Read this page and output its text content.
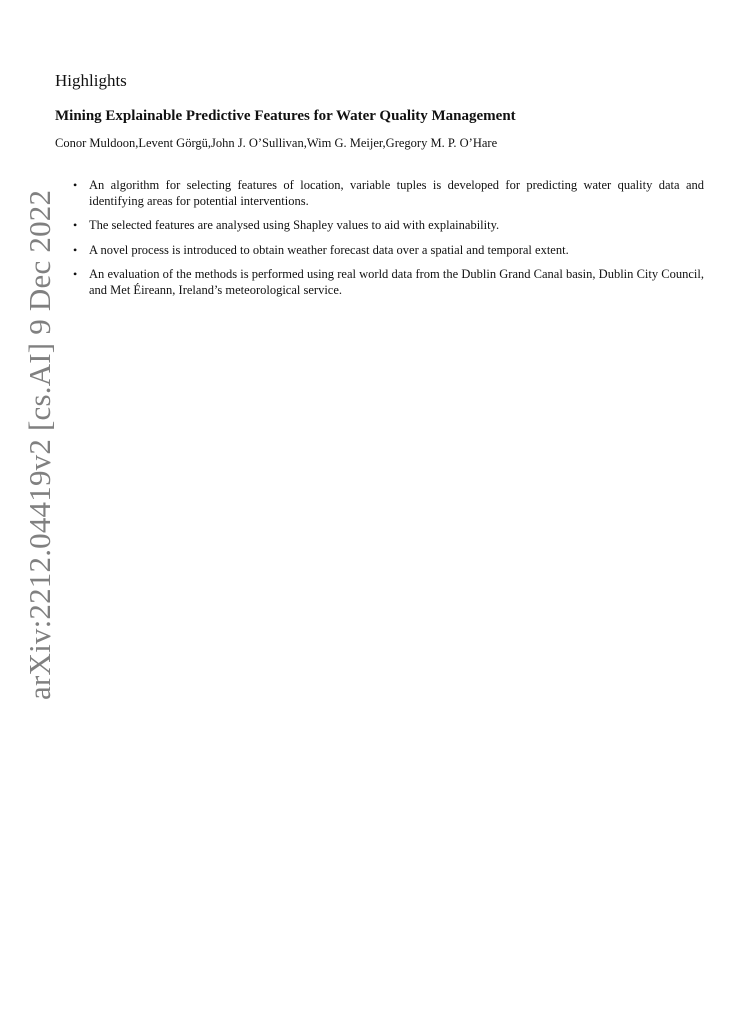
arXiv:2212.04419v2 [cs.AI] 9 Dec 2022
Highlights
Mining Explainable Predictive Features for Water Quality Management

Conor Muldoon,Levent Görgü,John J. O’Sullivan,Wim G. Meijer,Gregory M. P. O’Hare

• An algorithm for selecting features of location, variable tuples is developed for predicting water quality data and identifying areas for potential interventions.
• The selected features are analysed using Shapley values to aid with explainability.
• A novel process is introduced to obtain weather forecast data over a spatial and temporal extent.
• An evaluation of the methods is performed using real world data from the Dublin Grand Canal basin, Dublin City Council, and Met Éireann, Ireland’s meteorological service.
